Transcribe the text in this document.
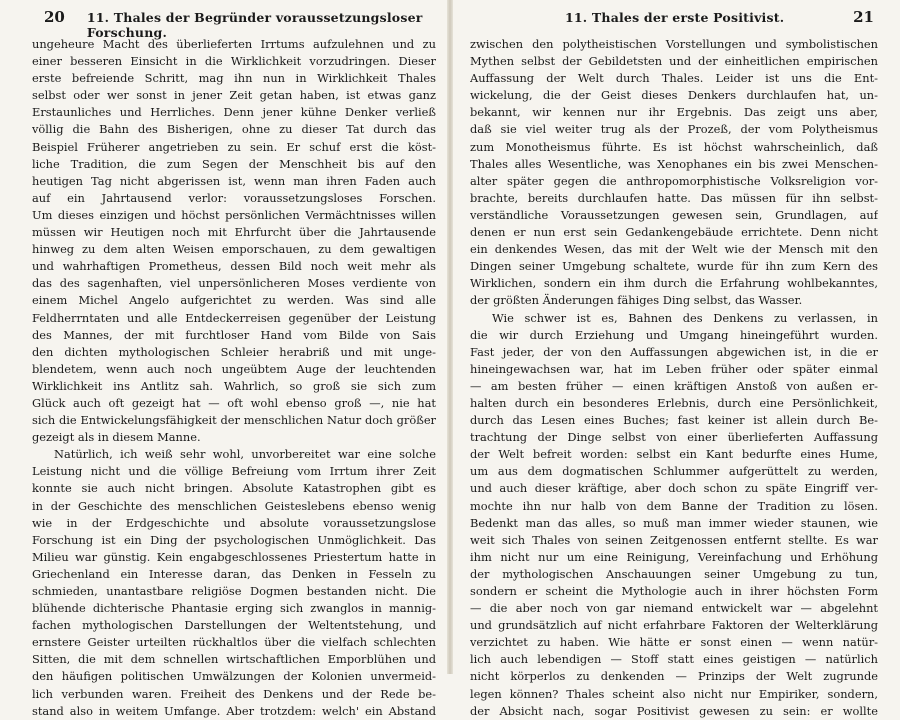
20 11. Thales der Begründer voraussetzungsloser Forschung.
ungeheure Macht des überlieferten Irrtums aufzulehnen und zu
einer besseren Einsicht in die Wirklichkeit vorzudringen. Dieser
erste befreiende Schritt, mag ihn nun in Wirklichkeit Thales
selbst oder wer sonst in jener Zeit getan haben, ist etwas ganz
Erstaunliches und Herrliches. Denn jener kühne Denker verließ
völlig die Bahn des Bisherigen, ohne zu dieser Tat durch das
Beispiel Früherer angetrieben zu sein. Er schuf erst die köst-
liche Tradition, die zum Segen der Menschheit bis auf den
heutigen Tag nicht abgerissen ist, wenn man ihren Faden auch
auf ein Jahrtausend verlor: voraussetzungsloses Forschen.
Um dieses einzigen und höchst persönlichen Vermächtnisses willen
müssen wir Heutigen noch mit Ehrfurcht über die Jahrtausende
hinweg zu dem alten Weisen emporschauen, zu dem gewaltigen
und wahrhaftigen Prometheus, dessen Bild noch weit mehr als
das des sagenhaften, viel unpersönlicheren Moses verdiente von
einem Michel Angelo aufgerichtet zu werden. Was sind alle
Feldherrntaten und alle Entdeckerreisen gegenüber der Leistung
des Mannes, der mit furchtloser Hand vom Bilde von Sais
den dichten mythologischen Schleier herabriß und mit unge-
blendetem, wenn auch noch ungeübtem Auge der leuchtenden
Wirklichkeit ins Antlitz sah. Wahrlich, so groß sie sich zum
Glück auch oft gezeigt hat — oft wohl ebenso groß —, nie hat
sich die Entwickelungsfähigkeit der menschlichen Natur doch größer
gezeigt als in diesem Manne.
Natürlich, ich weiß sehr wohl, unvorbereitet war eine solche
Leistung nicht und die völlige Befreiung vom Irrtum ihrer Zeit
konnte sie auch nicht bringen. Absolute Katastrophen gibt es
in der Geschichte des menschlichen Geisteslebens ebenso wenig
wie in der Erdgeschichte und absolute voraussetzungslose
Forschung ist ein Ding der psychologischen Unmöglichkeit. Das
Milieu war günstig. Kein engabgeschlossenes Priestertum hatte in
Griechenland ein Interesse daran, das Denken in Fesseln zu
schmieden, unantastbare religiöse Dogmen bestanden nicht. Die
blühende dichterische Phantasie erging sich zwanglos in mannig-
fachen mythologischen Darstellungen der Weltentstehung, und
ernstere Geister urteilten rückhaltlos über die vielfach schlechten
Sitten, die mit dem schnellen wirtschaftlichen Emporblühen und
den häufigen politischen Umwälzungen der Kolonien unvermeid-
lich verbunden waren. Freiheit des Denkens und der Rede be-
stand also in weitem Umfange. Aber trotzdem: welch' ein Abstand
11. Thales der erste Positivist.	21
zwischen den polytheistischen Vorstellungen und symbolistischen
Mythen selbst der Gebildetsten und der einheitlichen empirischen
Auffassung der Welt durch Thales. Leider ist uns die Ent-
wickelung, die der Geist dieses Denkers durchlaufen hat, un-
bekannt, wir kennen nur ihr Ergebnis. Das zeigt uns aber,
daß sie viel weiter trug als der Prozeß, der vom Polytheismus
zum Monotheismus führte. Es ist höchst wahrscheinlich, daß
Thales alles Wesentliche, was Xenophanes ein bis zwei Menschen-
alter später gegen die anthropomorphistische Volksreligion vor-
brachte, bereits durchlaufen hatte. Das müssen für ihn selbst-
verständliche Voraussetzungen gewesen sein, Grundlagen, auf
denen er nun erst sein Gedankengebäude errichtete. Denn nicht
ein denkendes Wesen, das mit der Welt wie der Mensch mit den
Dingen seiner Umgebung schaltete, wurde für ihn zum Kern des
Wirklichen, sondern ein ihm durch die Erfahrung wohlbekanntes,
der größten Änderungen fähiges Ding selbst, das Wasser.
Wie schwer ist es, Bahnen des Denkens zu verlassen, in
die wir durch Erziehung und Umgang hineingeführt wurden.
Fast jeder, der von den Auffassungen abgewichen ist, in die er
hineingewachsen war, hat im Leben früher oder später einmal
— am besten früher — einen kräftigen Anstoß von außen er-
halten durch ein besonderes Erlebnis, durch eine Persönlichkeit,
durch das Lesen eines Buches; fast keiner ist allein durch Be-
trachtung der Dinge selbst von einer überlieferten Auffassung
der Welt befreit worden: selbst ein Kant bedurfte eines Hume,
um aus dem dogmatischen Schlummer aufgerüttelt zu werden,
und auch dieser kräftige, aber doch schon zu späte Eingriff ver-
mochte ihn nur halb von dem Banne der Tradition zu lösen.
Bedenkt man das alles, so muß man immer wieder staunen, wie
weit sich Thales von seinen Zeitgenossen entfernt stellte. Es war
ihm nicht nur um eine Reinigung, Vereinfachung und Erhöhung
der mythologischen Anschauungen seiner Umgebung zu tun,
sondern er scheint die Mythologie auch in ihrer höchsten Form
— die aber noch von gar niemand entwickelt war — abgelehnt
und grundsätzlich auf nicht erfahrbare Faktoren der Welterklärung
verzichtet zu haben. Wie hätte er sonst einen — wenn natür-
lich auch lebendigen — Stoff statt eines geistigen — natürlich
nicht körperlos zu denkenden — Prinzips der Welt zugrunde
legen können? Thales scheint also nicht nur Empiriker, sondern,
der Absicht nach, sogar Positivist gewesen zu sein: er wollte
